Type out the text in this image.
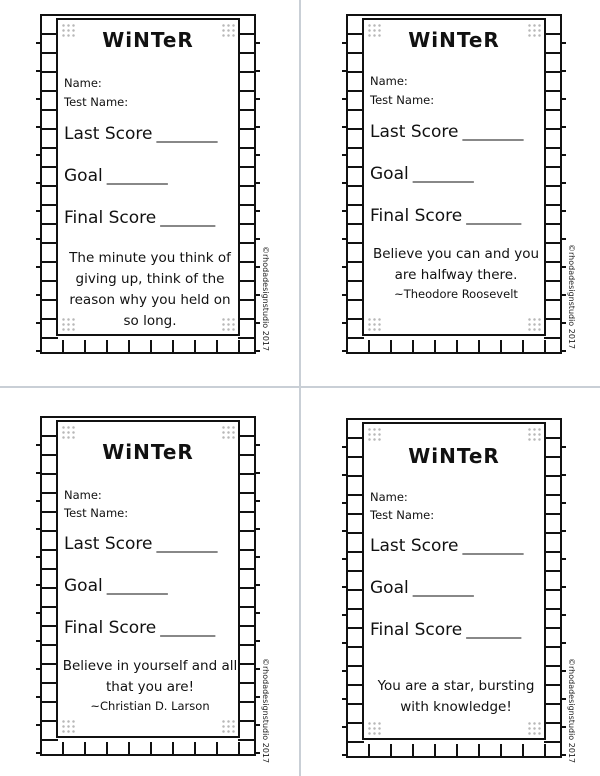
WiNTeR
Name:
Test Name:
Last Score __________
Goal __________
Final Score _________
The minute you think of giving up, think of the reason why you held on so long.	©rhodadesignstudio 2017
WiNTeR
Name:
Test Name:
Last Score __________
Goal __________
Final Score _________
Believe you can and you are halfway there.
~Theodore Roosevelt	©rhodadesignstudio 2017
WiNTeR
Name:
Test Name:
Last Score __________
Goal __________
Final Score _________
Believe in yourself and all that you are!
~Christian D. Larson	©rhodadesignstudio 2017
WiNTeR
Name:
Test Name:
Last Score __________
Goal __________
Final Score _________
You are a star, bursting with knowledge!	©rhodadesignstudio 2017
